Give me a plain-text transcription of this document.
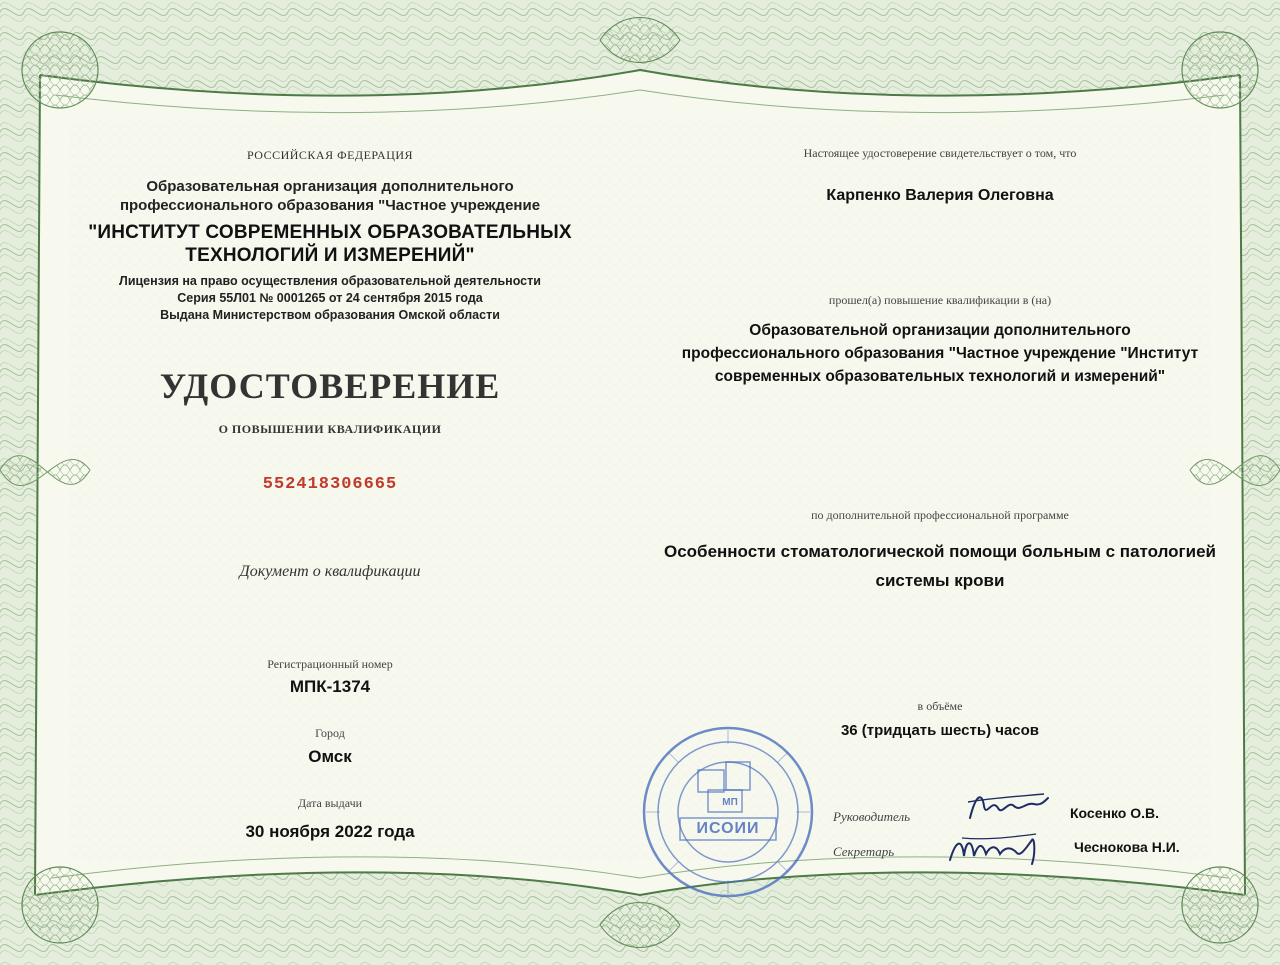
РОССИЙСКАЯ ФЕДЕРАЦИЯ
Образовательная организация дополнительного
профессионального образования "Частное учреждение
"ИНСТИТУТ СОВРЕМЕННЫХ ОБРАЗОВАТЕЛЬНЫХ
ТЕХНОЛОГИЙ И ИЗМЕРЕНИЙ"
Лицензия на право осуществления образовательной деятельности
Серия 55Л01 № 0001265 от 24 сентября 2015 года
Выдана Министерством образования Омской области
УДОСТОВЕРЕНИЕ
О ПОВЫШЕНИИ КВАЛИФИКАЦИИ
552418306665
Документ о квалификации
Регистрационный номер
МПК-1374
Город
Омск
Дата выдачи
30 ноября 2022 года
Настоящее удостоверение свидетельствует о том, что
Карпенко Валерия Олеговна
прошел(а) повышение квалификации в (на)
Образовательной организации дополнительного
профессионального образования "Частное учреждение "Институт
современных образовательных технологий и измерений"
по дополнительной профессиональной программе
Особенности стоматологической помощи больным с патологией
системы крови
в объёме
36 (тридцать шесть) часов
ИСОИИ
МП
Руководитель	Косенко О.В.
Секретарь	Чеснокова Н.И.
